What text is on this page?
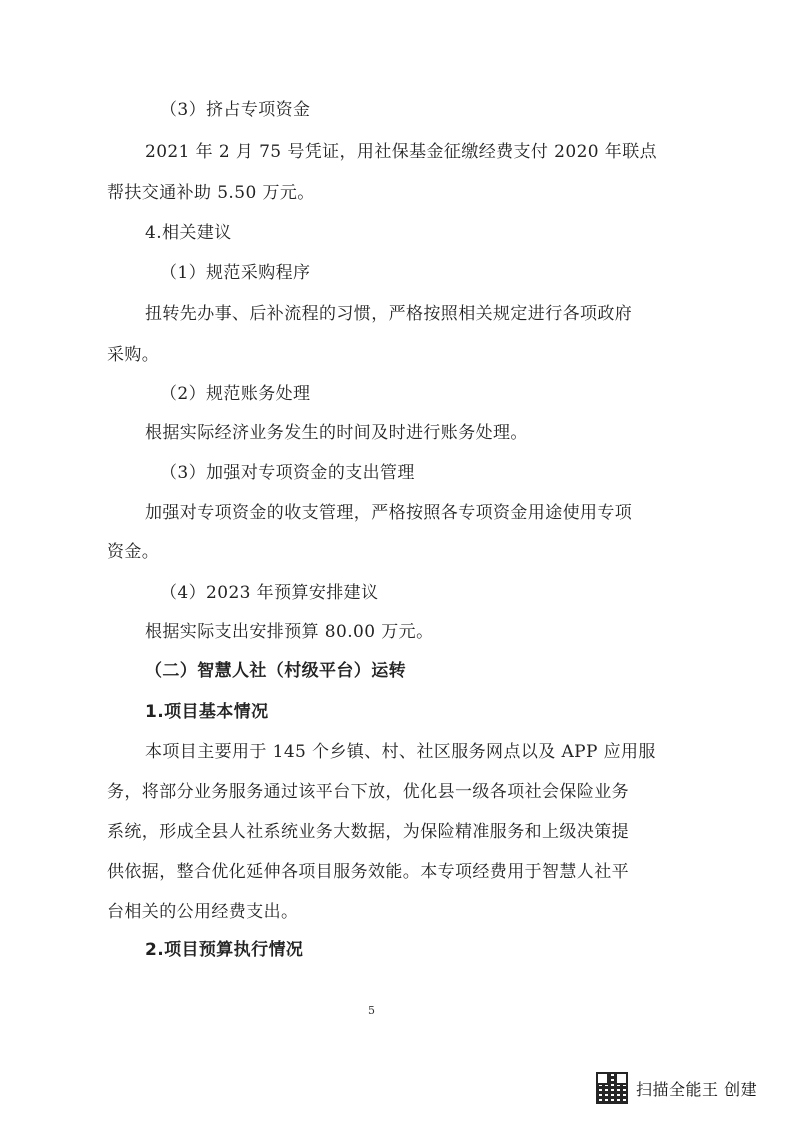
（3）挤占专项资金

2021 年 2 月 75 号凭证，用社保基金征缴经费支付 2020 年联点

帮扶交通补助 5.50 万元。

4.相关建议

（1）规范采购程序

扭转先办事、后补流程的习惯，严格按照相关规定进行各项政府

采购。

（2）规范账务处理

根据实际经济业务发生的时间及时进行账务处理。

（3）加强对专项资金的支出管理

加强对专项资金的收支管理，严格按照各专项资金用途使用专项

资金。

（4）2023 年预算安排建议

根据实际支出安排预算 80.00 万元。

（二）智慧人社（村级平台）运转

1.项目基本情况

本项目主要用于 145 个乡镇、村、社区服务网点以及 APP 应用服

务，将部分业务服务通过该平台下放，优化县一级各项社会保险业务

系统，形成全县人社系统业务大数据，为保险精准服务和上级决策提

供依据，整合优化延伸各项目服务效能。本专项经费用于智慧人社平

台相关的公用经费支出。

2.项目预算执行情况

5
扫描全能王 创建
